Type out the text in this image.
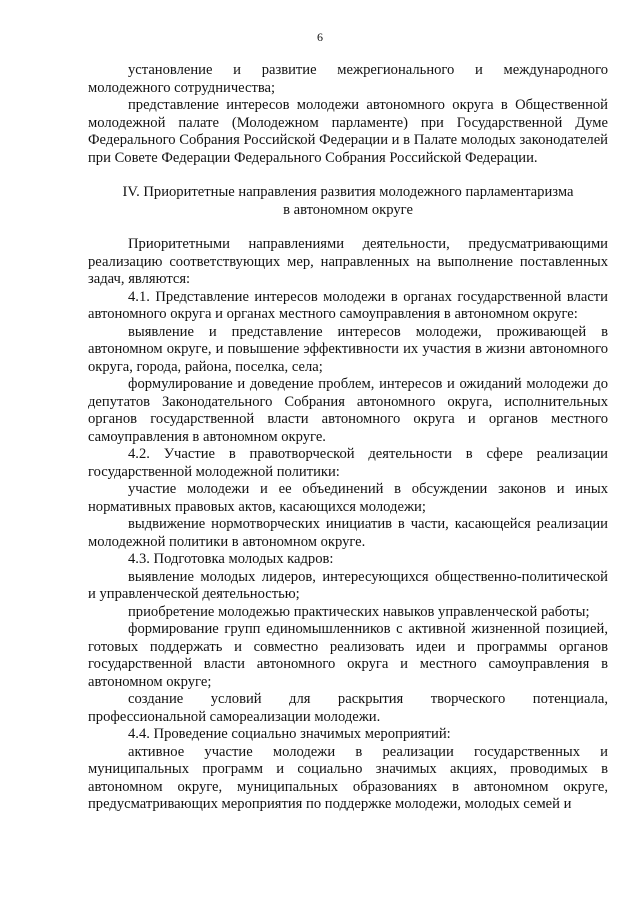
6

установление и развитие межрегионального и международного молодежного сотрудничества;

представление интересов молодежи автономного округа в Общественной молодежной палате (Молодежном парламенте) при Государственной Думе Федерального Собрания Российской Федерации и в Палате молодых законодателей при Совете Федерации Федерального Собрания Российской Федерации.

IV. Приоритетные направления развития молодежного парламентаризма

в автономном округе

Приоритетными направлениями деятельности, предусматривающими реализацию соответствующих мер, направленных на выполнение поставленных задач, являются:

4.1. Представление интересов молодежи в органах государственной власти автономного округа и органах местного самоуправления в автономном округе:

выявление и представление интересов молодежи, проживающей в автономном округе, и повышение эффективности их участия в жизни автономного округа, города, района, поселка, села;

формулирование и доведение проблем, интересов и ожиданий молодежи до депутатов Законодательного Собрания автономного округа, исполнительных органов государственной власти автономного округа и органов местного самоуправления в автономном округе.

4.2. Участие в правотворческой деятельности в сфере реализации государственной молодежной политики:

участие молодежи и ее объединений в обсуждении законов и иных нормативных правовых актов, касающихся молодежи;

выдвижение нормотворческих инициатив в части, касающейся реализации молодежной политики в автономном округе.

4.3. Подготовка молодых кадров:

выявление молодых лидеров, интересующихся общественно-политической и управленческой деятельностью;

приобретение молодежью практических навыков управленческой работы;

формирование групп единомышленников с активной жизненной позицией, готовых поддержать и совместно реализовать идеи и программы органов государственной власти автономного округа и местного самоуправления в автономном округе;

создание условий для раскрытия творческого потенциала, профессиональной самореализации молодежи.

4.4. Проведение социально значимых мероприятий:

активное участие молодежи в реализации государственных и муниципальных программ и социально значимых акциях, проводимых в автономном округе, муниципальных образованиях в автономном округе, предусматривающих мероприятия по поддержке молодежи, молодых семей и
